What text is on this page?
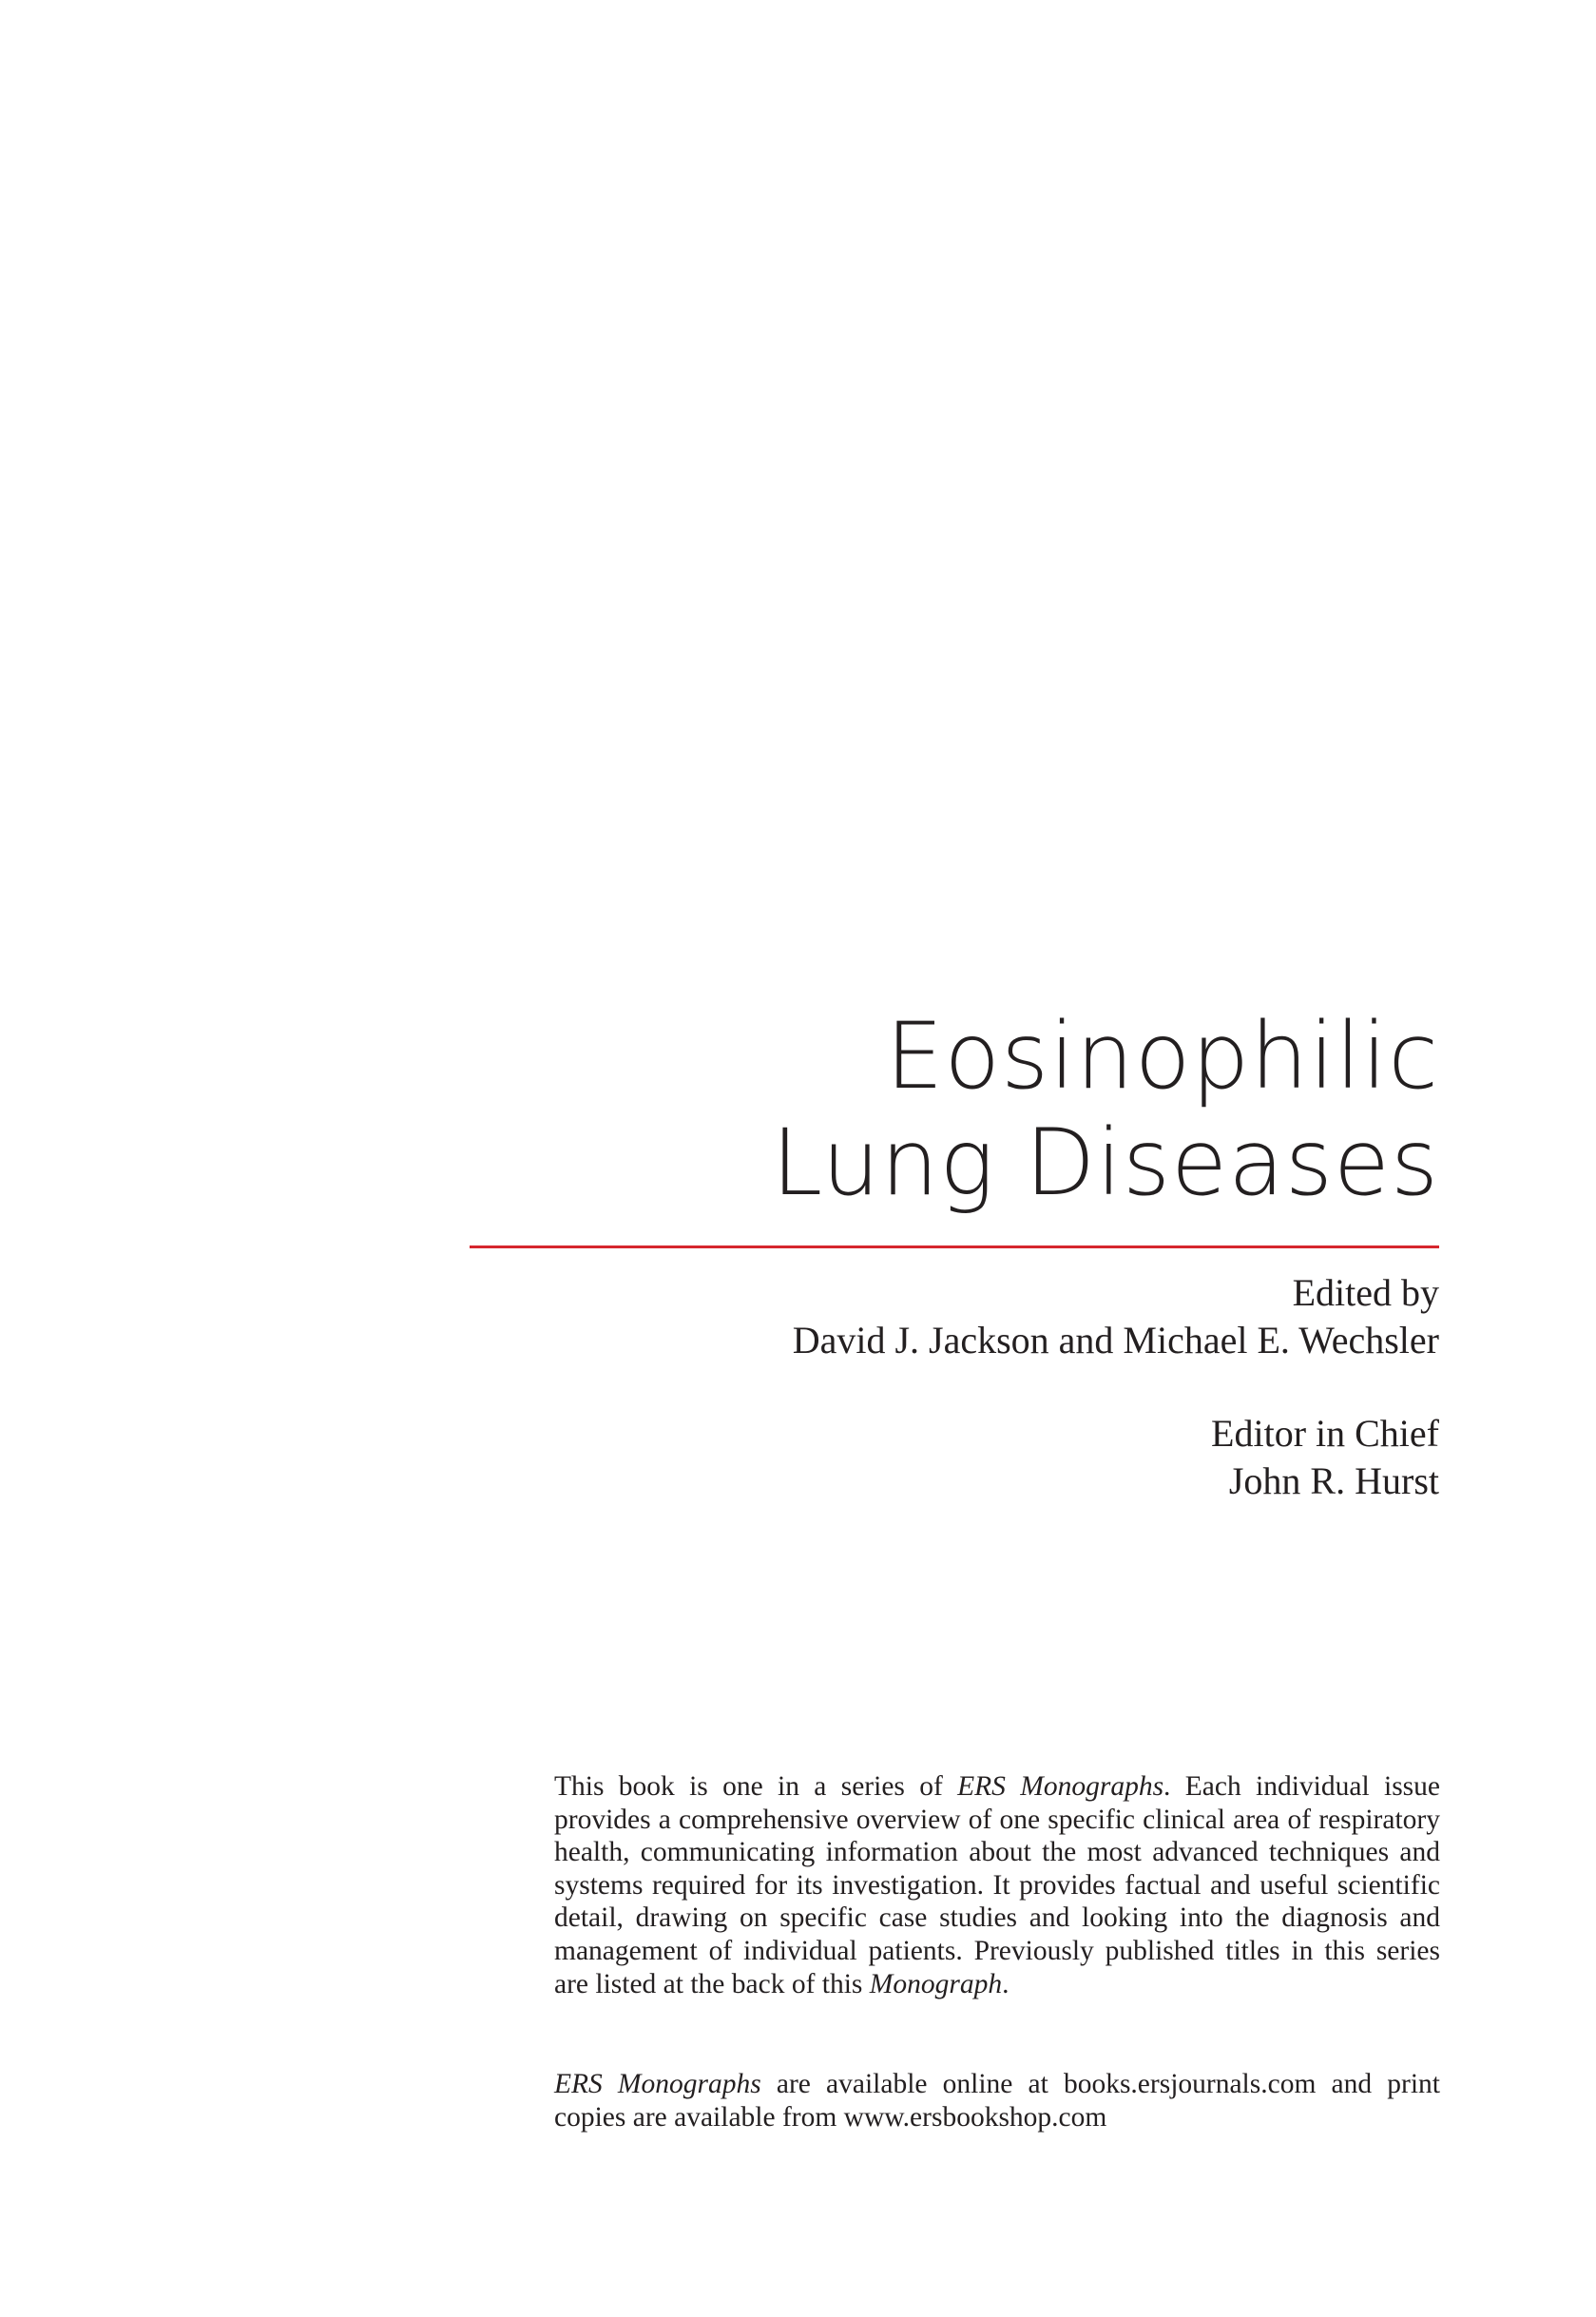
Eosinophilic
Lung Diseases
Edited by
David J. Jackson and Michael E. Wechsler
Editor in Chief
John R. Hurst
This book is one in a series of ERS Monographs. Each individual issue provides a comprehensive overview of one specific clinical area of respiratory health, communicating information about the most advanced techniques and systems required for its investigation. It provides factual and useful scientific detail, drawing on specific case studies and looking into the diagnosis and management of individual patients. Previously published titles in this series are listed at the back of this Monograph.
ERS Monographs are available online at books.ersjournals.com and print copies are available from www.ersbookshop.com
